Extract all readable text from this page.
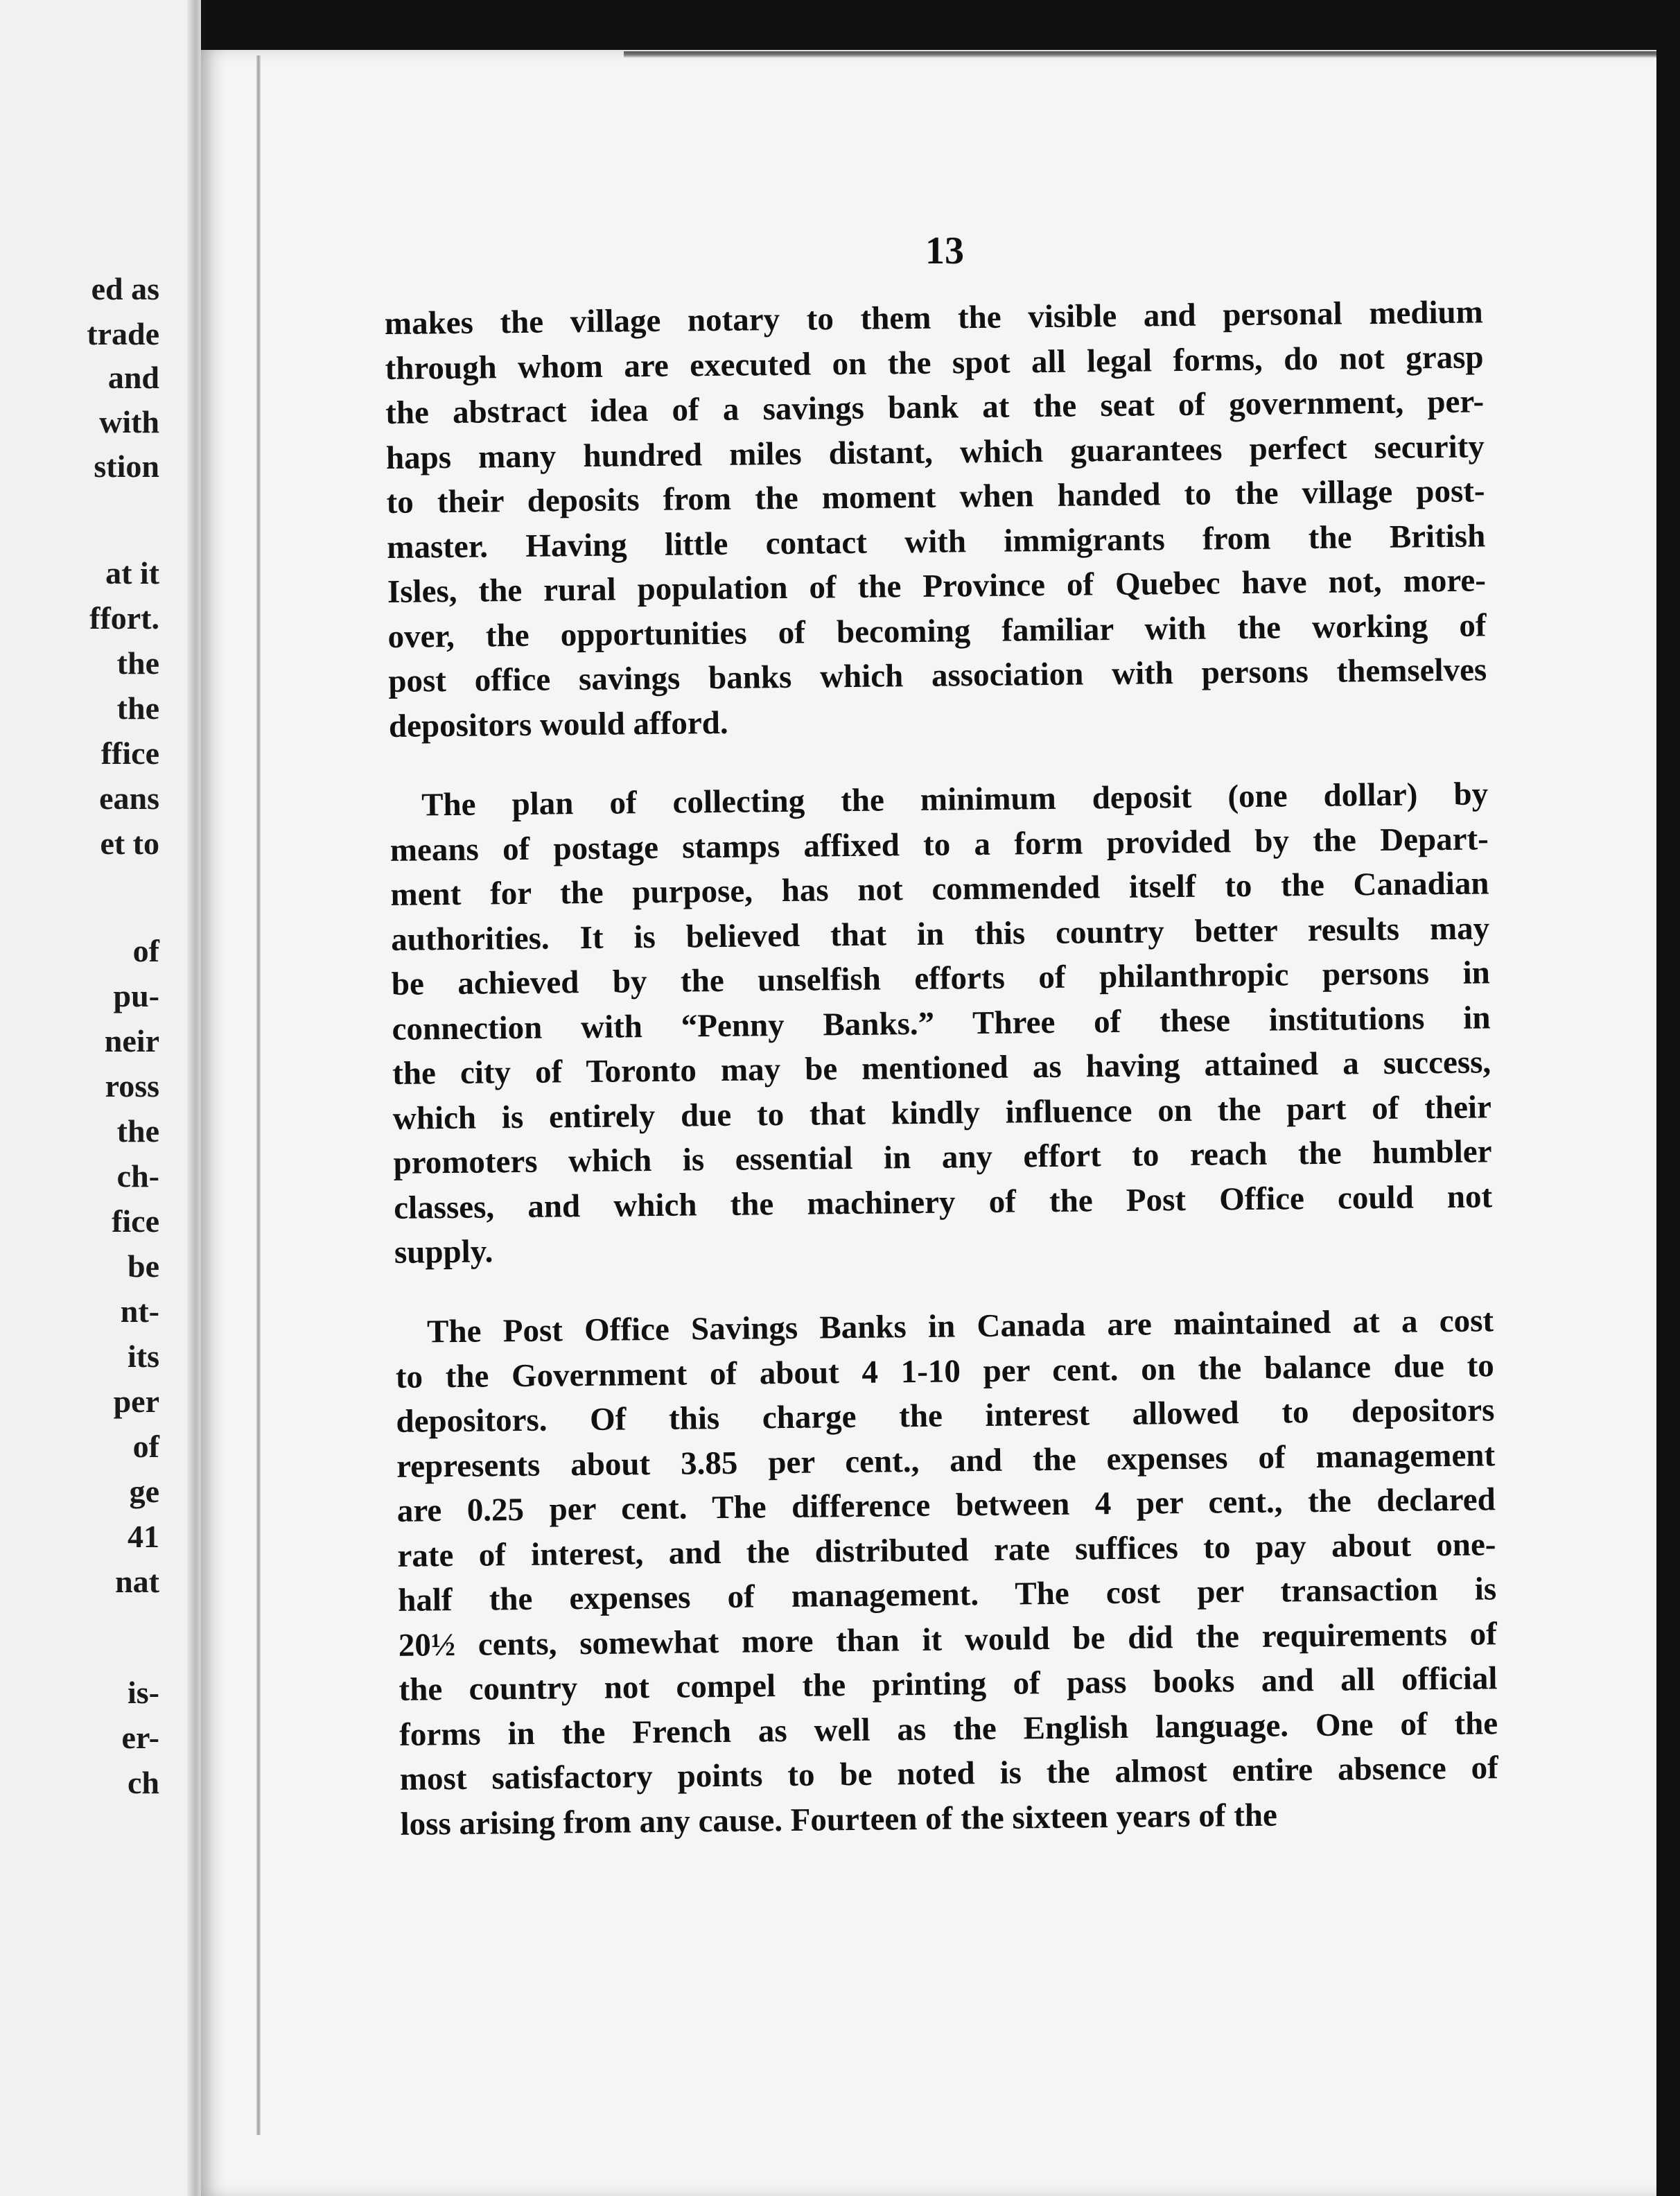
ed as
trade
and
with
stion
at it
ffort.
the
the
ffice
eans
et to
of
pu-
neir
ross
the
ch-
fice
be
nt-
its
per
of
ge
41
nat
is-
er-
ch
13
makes the village notary to them the visible and personal medium
through whom are executed on the spot all legal forms, do not grasp
the abstract idea of a savings bank at the seat of government, per-
haps many hundred miles distant, which guarantees perfect security
to their deposits from the moment when handed to the village post-
master. Having little contact with immigrants from the British
Isles, the rural population of the Province of Quebec have not, more-
over, the opportunities of becoming familiar with the working of
post office savings banks which association with persons themselves
depositors would afford.
The plan of collecting the minimum deposit (one dollar) by
means of postage stamps affixed to a form provided by the Depart-
ment for the purpose, has not commended itself to the Canadian
authorities. It is believed that in this country better results may
be achieved by the unselfish efforts of philanthropic persons in
connection with “Penny Banks.” Three of these institutions in
the city of Toronto may be mentioned as having attained a success,
which is entirely due to that kindly influence on the part of their
promoters which is essential in any effort to reach the humbler
classes, and which the machinery of the Post Office could not
supply.
The Post Office Savings Banks in Canada are maintained at a cost
to the Government of about 4 1-10 per cent. on the balance due to
depositors. Of this charge the interest allowed to depositors
represents about 3.85 per cent., and the expenses of management
are 0.25 per cent. The difference between 4 per cent., the declared
rate of interest, and the distributed rate suffices to pay about one-
half the expenses of management. The cost per transaction is
20½ cents, somewhat more than it would be did the requirements of
the country not compel the printing of pass books and all official
forms in the French as well as the English language. One of the
most satisfactory points to be noted is the almost entire absence of
loss arising from any cause. Fourteen of the sixteen years of the
